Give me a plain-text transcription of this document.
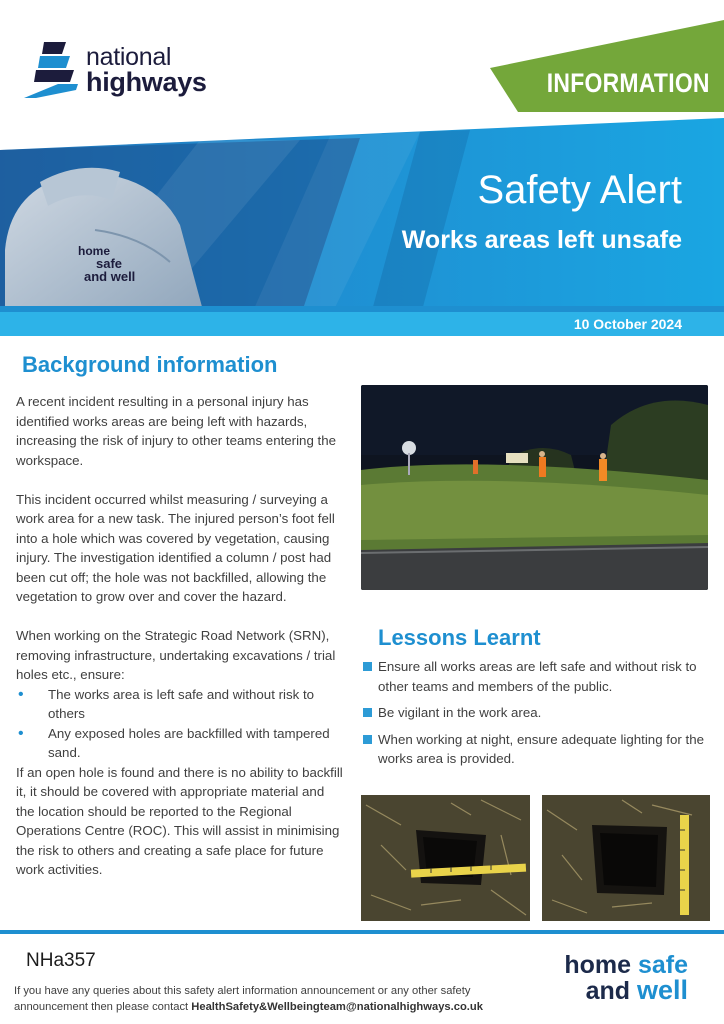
national
highways	INFORMATION
Safety Alert
Works areas left unsafe
10 October 2024
home
safe
and well
Background information

A recent incident resulting in a personal injury has identified works areas are being left with hazards, increasing the risk of injury to other teams entering the workspace.

This incident occurred whilst measuring / surveying a work area for a new task. The injured person’s foot fell into a hole which was covered by vegetation, causing injury. The investigation identified a column / post had been cut off; the hole was not backfilled, allowing the vegetation to grow over and cover the hazard.

When working on the Strategic Road Network (SRN), removing infrastructure, undertaking excavations / trial holes etc., ensure:

• The works area is left safe and without risk to others
• Any exposed holes are backfilled with tampered sand.

If an open hole is found and there is no ability to backfill it, it should be covered with appropriate material and the location should be reported to the Regional Operations Centre (ROC). This will assist in minimising the risk to others and creating a safe place for future work activities.

Lessons Learnt
Ensure all works areas are left safe and without risk to other teams and members of the public.
Be vigilant in the work area.
When working at night, ensure adequate lighting for the works area is provided.
NHa357
If you have any queries about this safety alert information announcement or any other safety announcement then please contact HealthSafety&Wellbeingteam@nationalhighways.co.uk
home safe
and well
